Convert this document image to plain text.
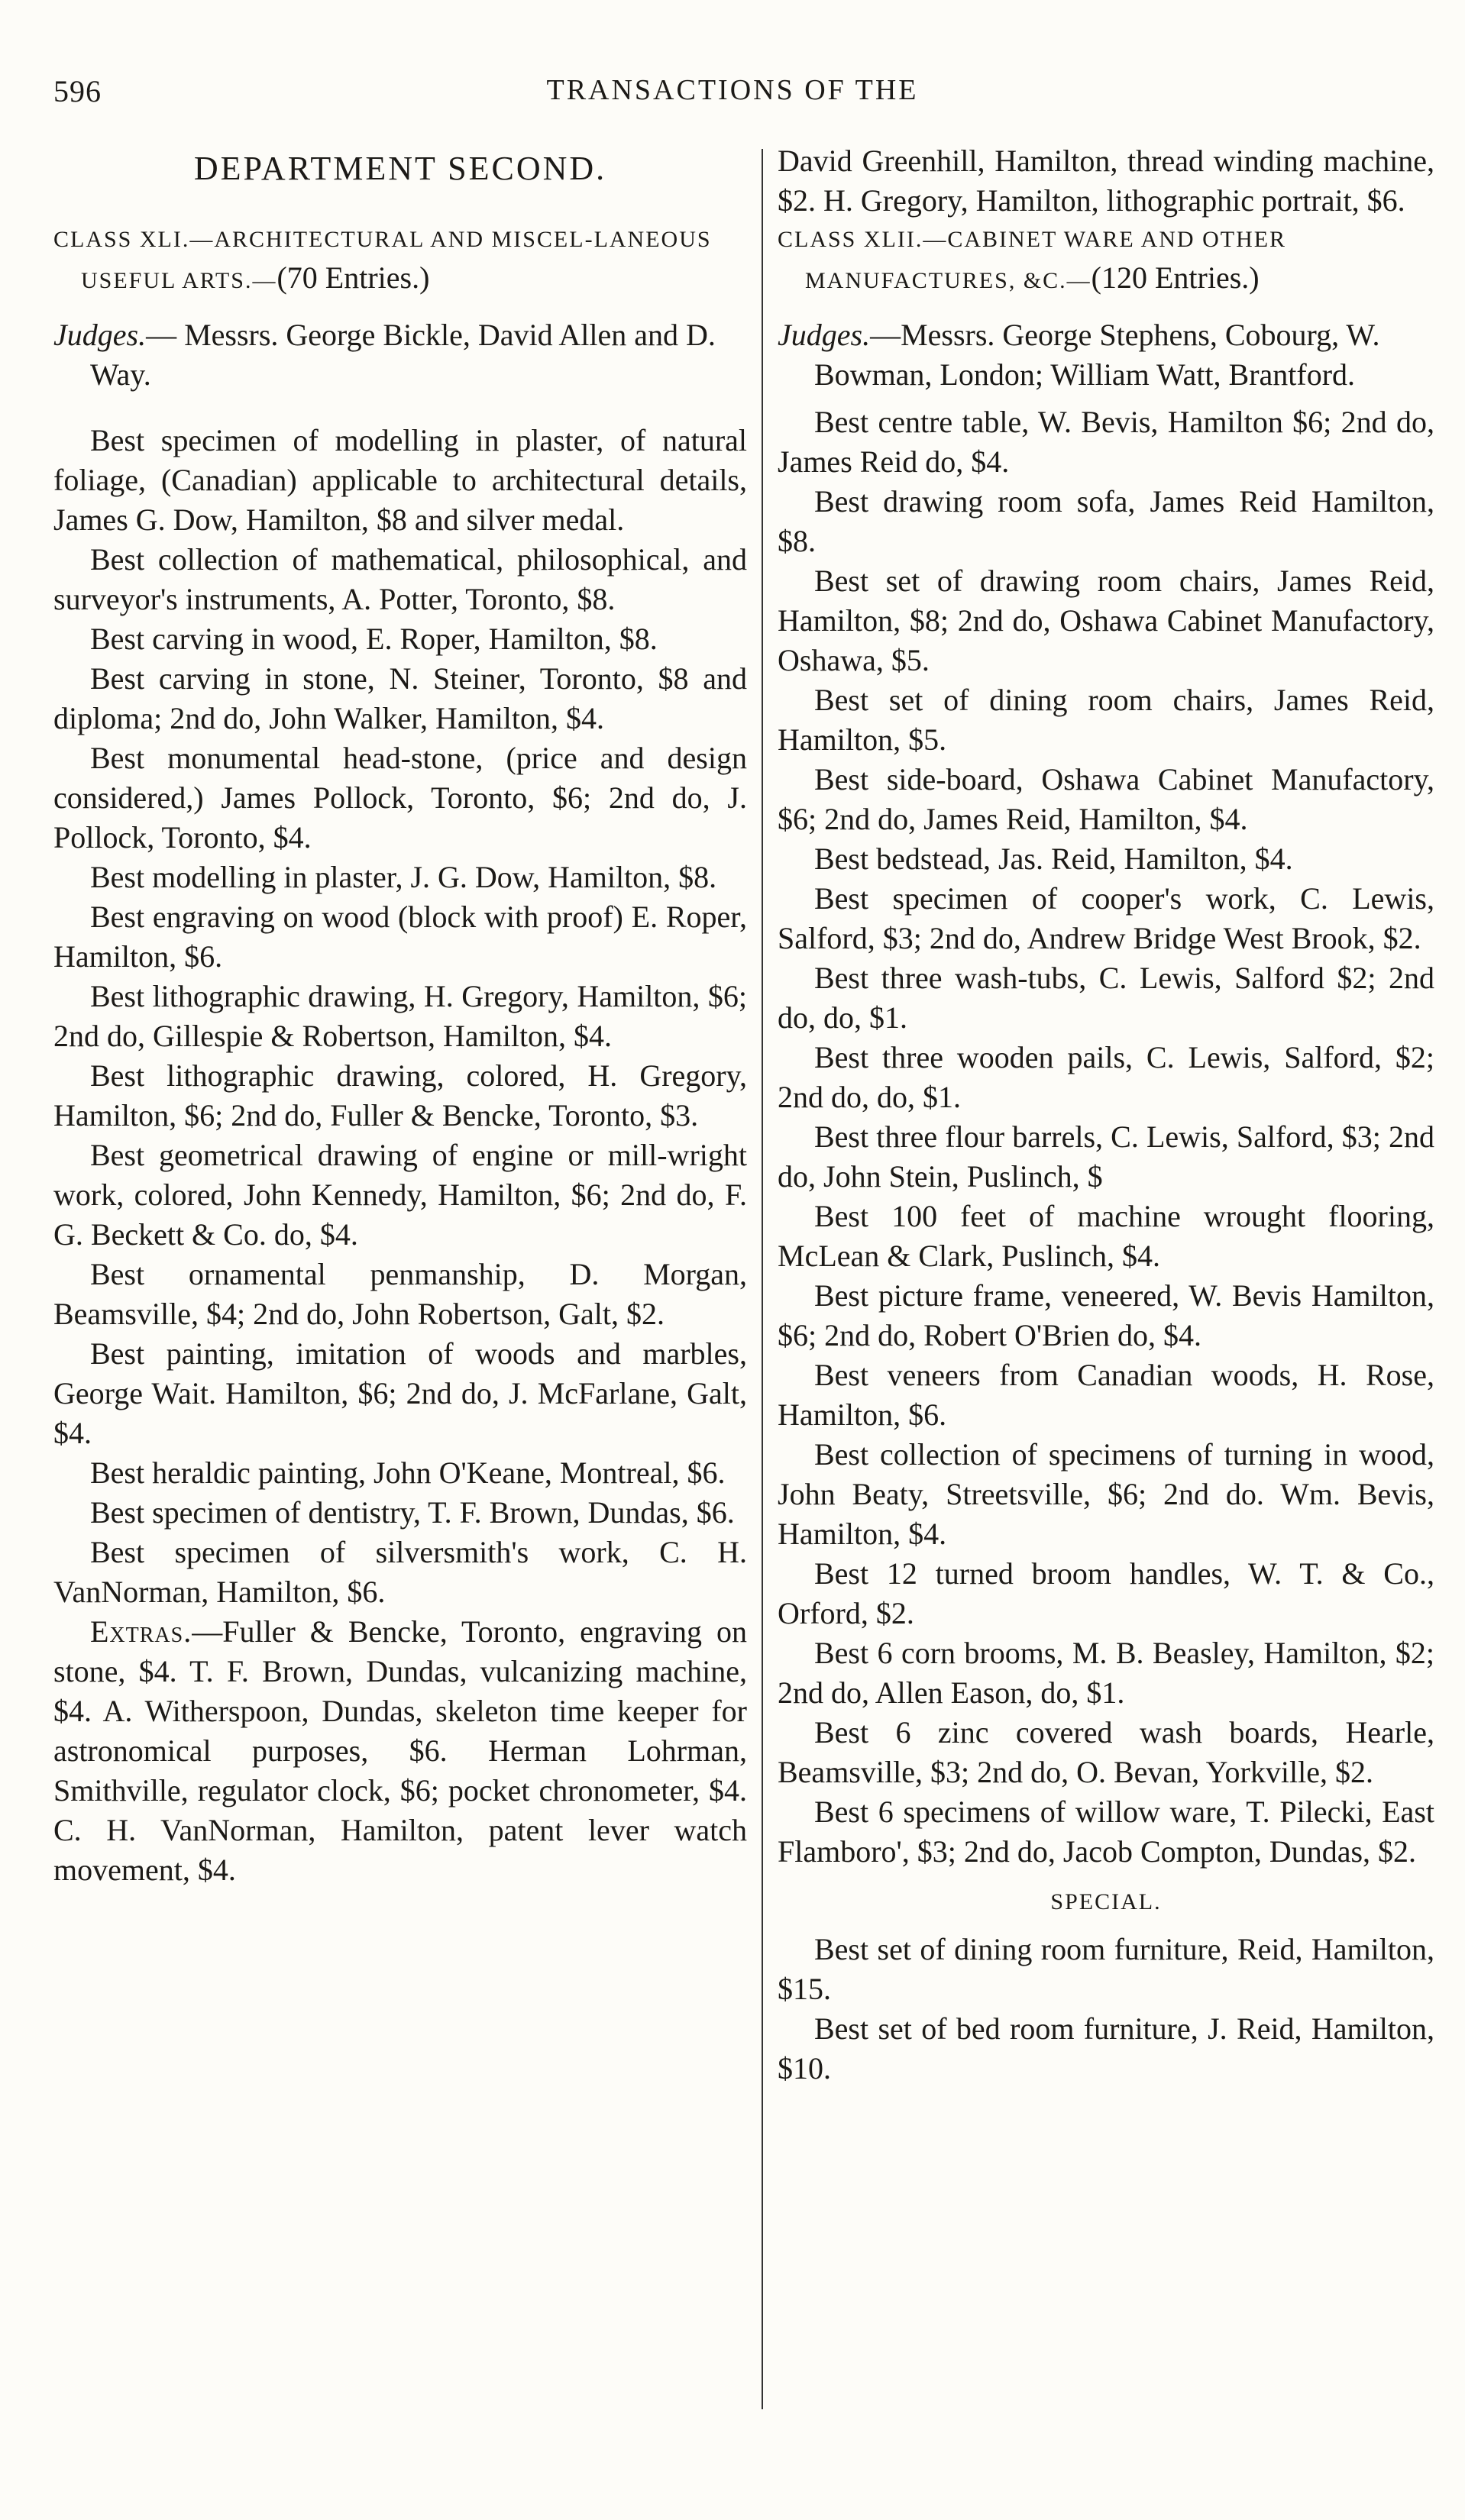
596	TRANSACTIONS OF THE
DEPARTMENT SECOND.
CLASS XLI.—ARCHITECTURAL AND MISCEL-LANEOUS USEFUL ARTS.—(70 Entries.)
Judges.— Messrs. George Bickle, David Allen and D. Way.

Best specimen of modelling in plaster, of natural foliage, (Canadian) applicable to architectural details, James G. Dow, Hamilton, $8 and silver medal.

Best collection of mathematical, philosophical, and surveyor's instruments, A. Potter, Toronto, $8.

Best carving in wood, E. Roper, Hamilton, $8.

Best carving in stone, N. Steiner, Toronto, $8 and diploma; 2nd do, John Walker, Hamilton, $4.

Best monumental head-stone, (price and design considered,) James Pollock, Toronto, $6; 2nd do, J. Pollock, Toronto, $4.

Best modelling in plaster, J. G. Dow, Hamilton, $8.

Best engraving on wood (block with proof) E. Roper, Hamilton, $6.

Best lithographic drawing, H. Gregory, Hamilton, $6; 2nd do, Gillespie & Robertson, Hamilton, $4.

Best lithographic drawing, colored, H. Gregory, Hamilton, $6; 2nd do, Fuller & Bencke, Toronto, $3.

Best geometrical drawing of engine or mill-wright work, colored, John Kennedy, Hamilton, $6; 2nd do, F. G. Beckett & Co. do, $4.

Best ornamental penmanship, D. Morgan, Beamsville, $4; 2nd do, John Robertson, Galt, $2.

Best painting, imitation of woods and marbles, George Wait. Hamilton, $6; 2nd do, J. McFarlane, Galt, $4.

Best heraldic painting, John O'Keane, Montreal, $6.

Best specimen of dentistry, T. F. Brown, Dundas, $6.

Best specimen of silversmith's work, C. H. VanNorman, Hamilton, $6.

Extras.—Fuller & Bencke, Toronto, engraving on stone, $4. T. F. Brown, Dundas, vulcanizing machine, $4. A. Witherspoon, Dundas, skeleton time keeper for astronomical purposes, $6. Herman Lohrman, Smithville, regulator clock, $6; pocket chronometer, $4. C. H. VanNorman, Hamilton, patent lever watch movement, $4.

David Greenhill, Hamilton, thread winding machine, $2. H. Gregory, Hamilton, lithographic portrait, $6.

CLASS XLII.—CABINET WARE AND OTHER MANUFACTURES, &C.—(120 Entries.)
Judges.—Messrs. George Stephens, Cobourg, W. Bowman, London; William Watt, Brantford.

Best centre table, W. Bevis, Hamilton $6; 2nd do, James Reid do, $4.

Best drawing room sofa, James Reid Hamilton, $8.

Best set of drawing room chairs, James Reid, Hamilton, $8; 2nd do, Oshawa Cabinet Manufactory, Oshawa, $5.

Best set of dining room chairs, James Reid, Hamilton, $5.

Best side-board, Oshawa Cabinet Manufactory, $6; 2nd do, James Reid, Hamilton, $4.

Best bedstead, Jas. Reid, Hamilton, $4.

Best specimen of cooper's work, C. Lewis, Salford, $3; 2nd do, Andrew Bridge West Brook, $2.

Best three wash-tubs, C. Lewis, Salford $2; 2nd do, do, $1.

Best three wooden pails, C. Lewis, Salford, $2; 2nd do, do, $1.

Best three flour barrels, C. Lewis, Salford, $3; 2nd do, John Stein, Puslinch, $

Best 100 feet of machine wrought flooring, McLean & Clark, Puslinch, $4.

Best picture frame, veneered, W. Bevis Hamilton, $6; 2nd do, Robert O'Brien do, $4.

Best veneers from Canadian woods, H. Rose, Hamilton, $6.

Best collection of specimens of turning in wood, John Beaty, Streetsville, $6; 2nd do. Wm. Bevis, Hamilton, $4.

Best 12 turned broom handles, W. T. & Co., Orford, $2.

Best 6 corn brooms, M. B. Beasley, Hamilton, $2; 2nd do, Allen Eason, do, $1.

Best 6 zinc covered wash boards, Hearle, Beamsville, $3; 2nd do, O. Bevan, Yorkville, $2.

Best 6 specimens of willow ware, T. Pilecki, East Flamboro', $3; 2nd do, Jacob Compton, Dundas, $2.

SPECIAL.

Best set of dining room furniture, Reid, Hamilton, $15.

Best set of bed room furniture, J. Reid, Hamilton, $10.
